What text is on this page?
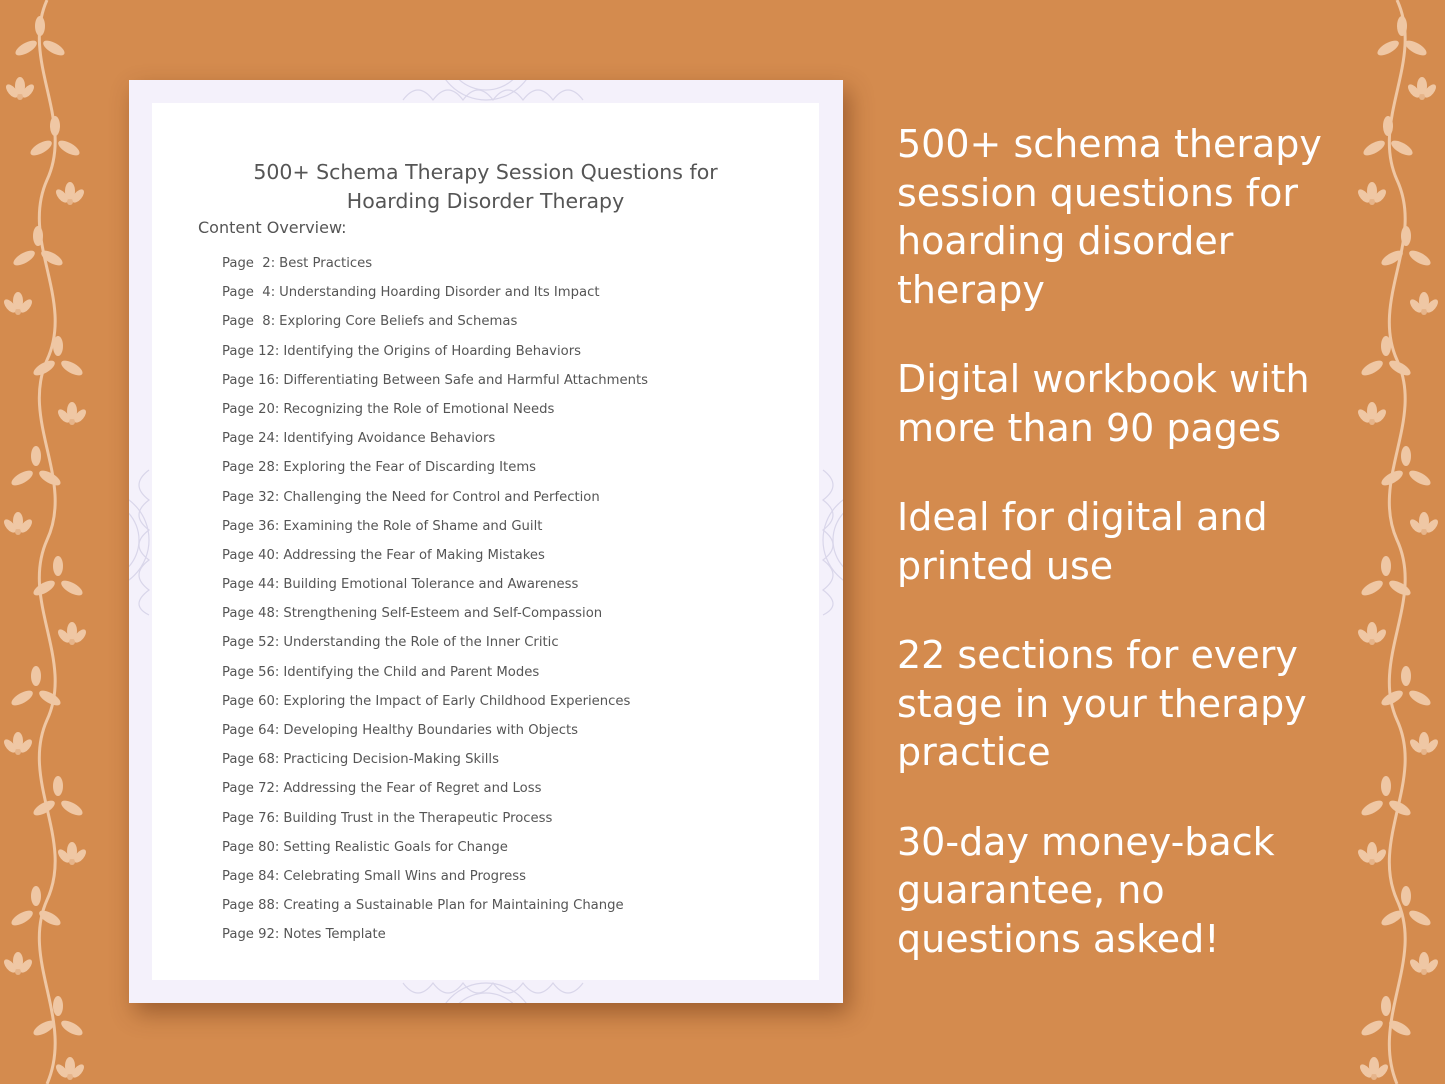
500+ Schema Therapy Session Questions for
Hoarding Disorder Therapy
Content Overview:
Page  2: Best Practices
Page  4: Understanding Hoarding Disorder and Its Impact
Page  8: Exploring Core Beliefs and Schemas
Page 12: Identifying the Origins of Hoarding Behaviors
Page 16: Differentiating Between Safe and Harmful Attachments
Page 20: Recognizing the Role of Emotional Needs
Page 24: Identifying Avoidance Behaviors
Page 28: Exploring the Fear of Discarding Items
Page 32: Challenging the Need for Control and Perfection
Page 36: Examining the Role of Shame and Guilt
Page 40: Addressing the Fear of Making Mistakes
Page 44: Building Emotional Tolerance and Awareness
Page 48: Strengthening Self-Esteem and Self-Compassion
Page 52: Understanding the Role of the Inner Critic
Page 56: Identifying the Child and Parent Modes
Page 60: Exploring the Impact of Early Childhood Experiences
Page 64: Developing Healthy Boundaries with Objects
Page 68: Practicing Decision-Making Skills
Page 72: Addressing the Fear of Regret and Loss
Page 76: Building Trust in the Therapeutic Process
Page 80: Setting Realistic Goals for Change
Page 84: Celebrating Small Wins and Progress
Page 88: Creating a Sustainable Plan for Maintaining Change
Page 92: Notes Template

500+ schema therapy
session questions for
hoarding disorder
therapy

Digital workbook with
more than 90 pages

Ideal for digital and
printed use

22 sections for every
stage in your therapy
practice

30-day money-back
guarantee, no
questions asked!
